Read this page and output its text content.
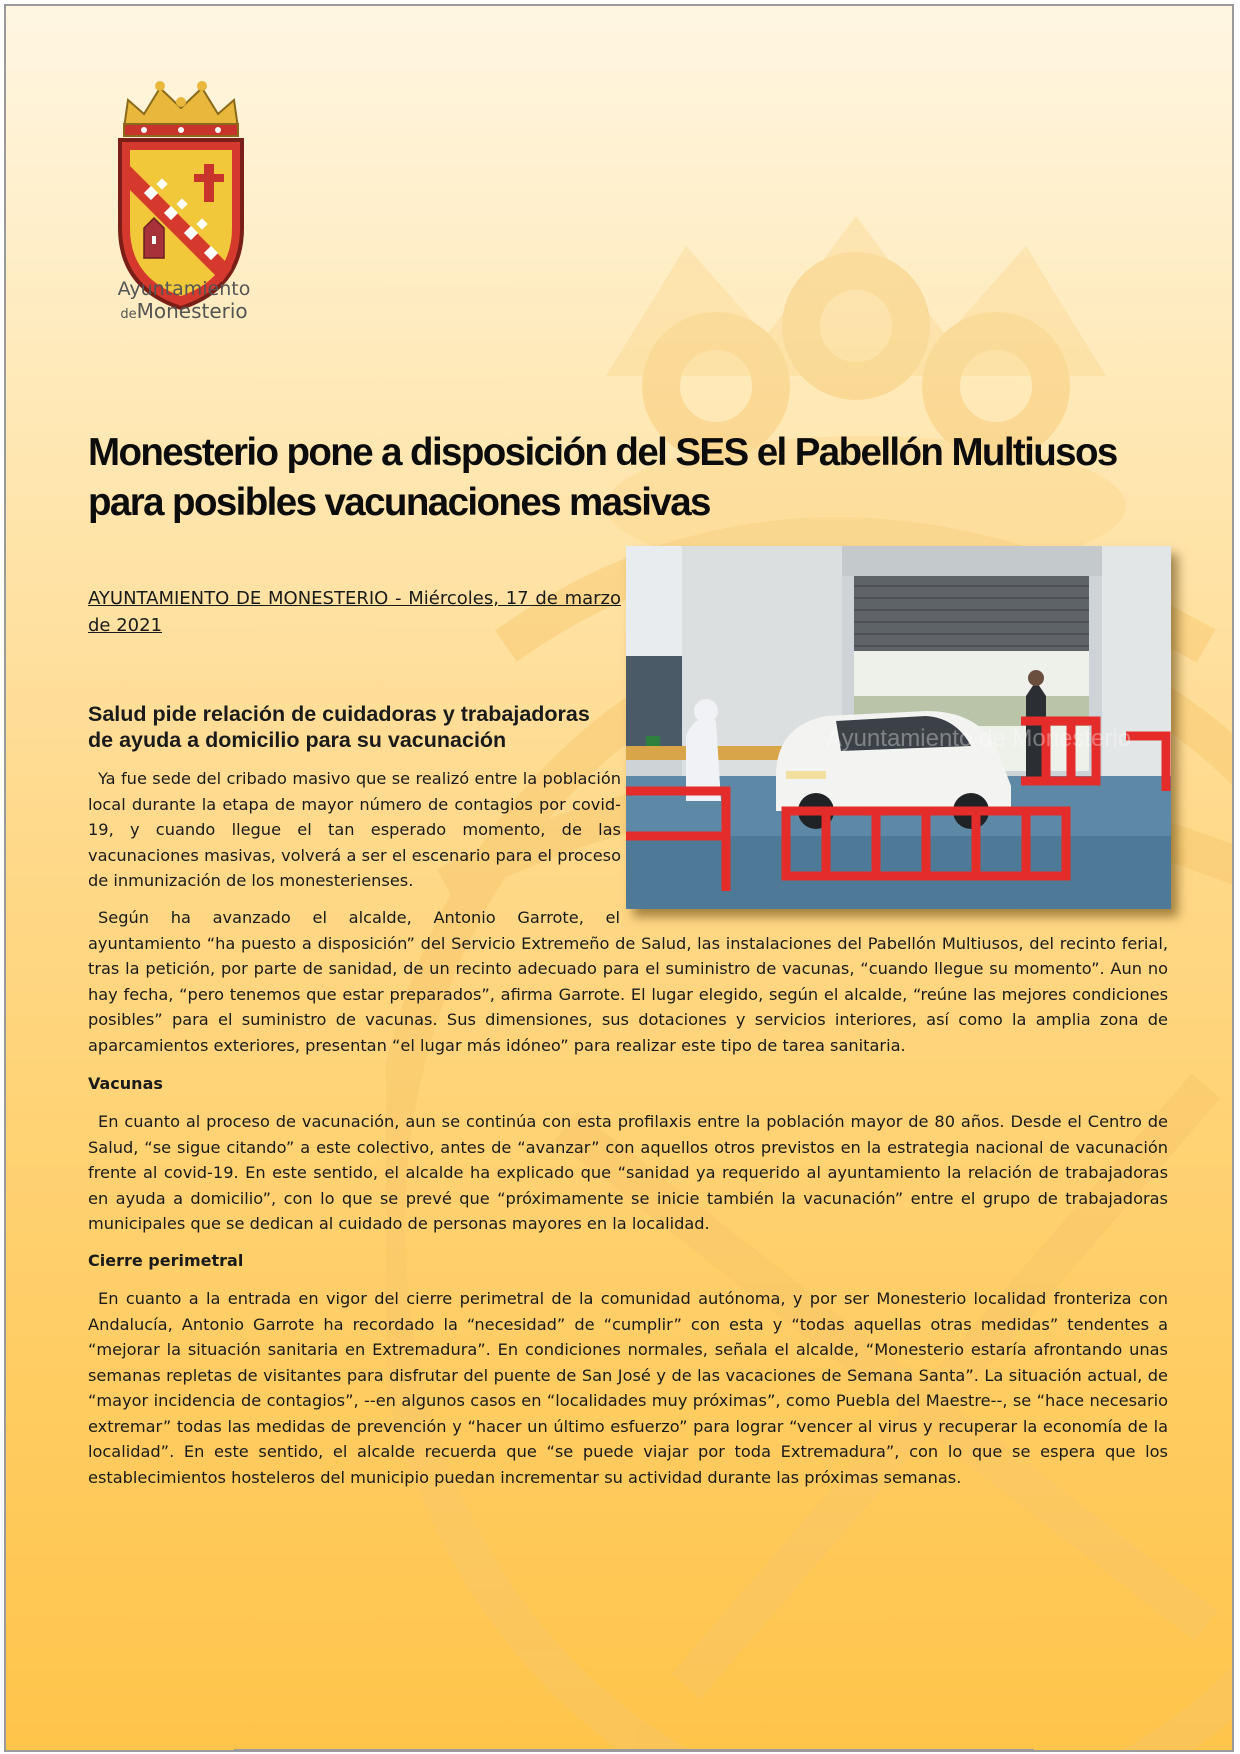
Ayuntamiento
deMonesterio
Monesterio pone a disposición del SES el Pabellón Multiusos para posibles vacunaciones masivas
AYUNTAMIENTO DE MONESTERIO - Miércoles, 17 de marzo de 2021
Ayuntamiento de Monesterio
Salud pide relación de cuidadoras y trabajadoras de ayuda a domicilio para su vacunación

Ya fue sede del cribado masivo que se realizó entre la población local durante la etapa de mayor número de contagios por covid-19, y cuando llegue el tan esperado momento, de las vacunaciones masivas, volverá a ser el escenario para el proceso de inmunización de los monesterienses.

Según ha avanzado el alcalde, Antonio Garrote, el ayuntamiento “ha puesto a disposición” del Servicio Extremeño de Salud, las instalaciones del Pabellón Multiusos, del recinto ferial, tras la petición, por parte de sanidad, de un recinto adecuado para el suministro de vacunas, “cuando llegue su momento”. Aun no hay fecha, “pero tenemos que estar preparados”, afirma Garrote. El lugar elegido, según el alcalde, “reúne las mejores condiciones posibles” para el suministro de vacunas. Sus dimensiones, sus dotaciones y servicios interiores, así como la amplia zona de aparcamientos exteriores, presentan “el lugar más idóneo” para realizar este tipo de tarea sanitaria.

Vacunas

En cuanto al proceso de vacunación, aun se continúa con esta profilaxis entre la población mayor de 80 años. Desde el Centro de Salud, “se sigue citando” a este colectivo, antes de “avanzar” con aquellos otros previstos en la estrategia nacional de vacunación frente al covid-19. En este sentido, el alcalde ha explicado que “sanidad ya requerido al ayuntamiento la relación de trabajadoras en ayuda a domicilio”, con lo que se prevé que “próximamente se inicie también la vacunación” entre el grupo de trabajadoras municipales que se dedican al cuidado de personas mayores en la localidad.

Cierre perimetral

En cuanto a la entrada en vigor del cierre perimetral de la comunidad autónoma, y por ser Monesterio localidad fronteriza con Andalucía, Antonio Garrote ha recordado la “necesidad” de “cumplir” con esta y “todas aquellas otras medidas” tendentes a “mejorar la situación sanitaria en Extremadura”. En condiciones normales, señala el alcalde, “Monesterio estaría afrontando unas semanas repletas de visitantes para disfrutar del puente de San José y de las vacaciones de Semana Santa”. La situación actual, de “mayor incidencia de contagios”, --en algunos casos en “localidades muy próximas”, como Puebla del Maestre--, se “hace necesario extremar” todas las medidas de prevención y “hacer un último esfuerzo” para lograr “vencer al virus y recuperar la economía de la localidad”. En este sentido, el alcalde recuerda que “se puede viajar por toda Extremadura”, con lo que se espera que los establecimientos hosteleros del municipio puedan incrementar su actividad durante las próximas semanas.
